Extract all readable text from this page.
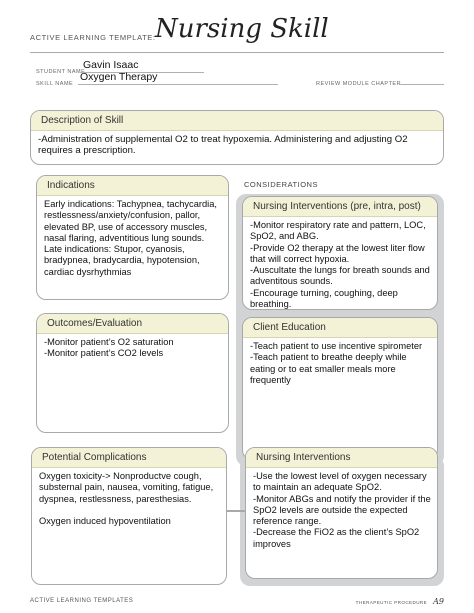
ACTIVE LEARNING TEMPLATE: Nursing Skill
STUDENT NAME
Gavin Isaac
SKILL NAME
Oxygen Therapy
REVIEW MODULE CHAPTER
Description of Skill
-Administration of supplemental O2 to treat hypoxemia. Administering and adjusting O2 requires a prescription.
CONSIDERATIONS
Indications
Early indications: Tachypnea, tachycardia,
restlessness/anxiety/confusion, pallor,
elevated BP, use of accessory muscles,
nasal flaring, adventitious lung sounds.
Late indications: Stupor, cyanosis,
bradypnea, bradycardia, hypotension,
cardiac dysrhythmias
Nursing Interventions (pre, intra, post)
-Monitor respiratory rate and pattern, LOC,
SpO2, and ABG.
-Provide O2 therapy at the lowest liter flow
that will correct hypoxia.
-Auscultate the lungs for breath sounds and
adventitous sounds.
-Encourage turning, coughing, deep
breathing.
Outcomes/Evaluation
-Monitor patient’s O2 saturation
-Monitor patient’s CO2 levels
Client Education
-Teach patient to use incentive spirometer
-Teach patient to breathe deeply while
eating or to eat smaller meals more
frequently
Potential Complications
Oxygen toxicity-> Nonproductve cough,
substernal pain, nausea, vomiting, fatigue,
dyspnea, restlessness, paresthesias.

Oxygen induced hypoventilation
Nursing Interventions
-Use the lowest level of oxygen necessary
to maintain an adequate SpO2.
-Monitor ABGs and notify the provider if the
SpO2 levels are outside the expected
reference range.
-Decrease the FiO2 as the client’s SpO2
improves
ACTIVE LEARNING TEMPLATES	THERAPEUTIC PROCEDURE A9
